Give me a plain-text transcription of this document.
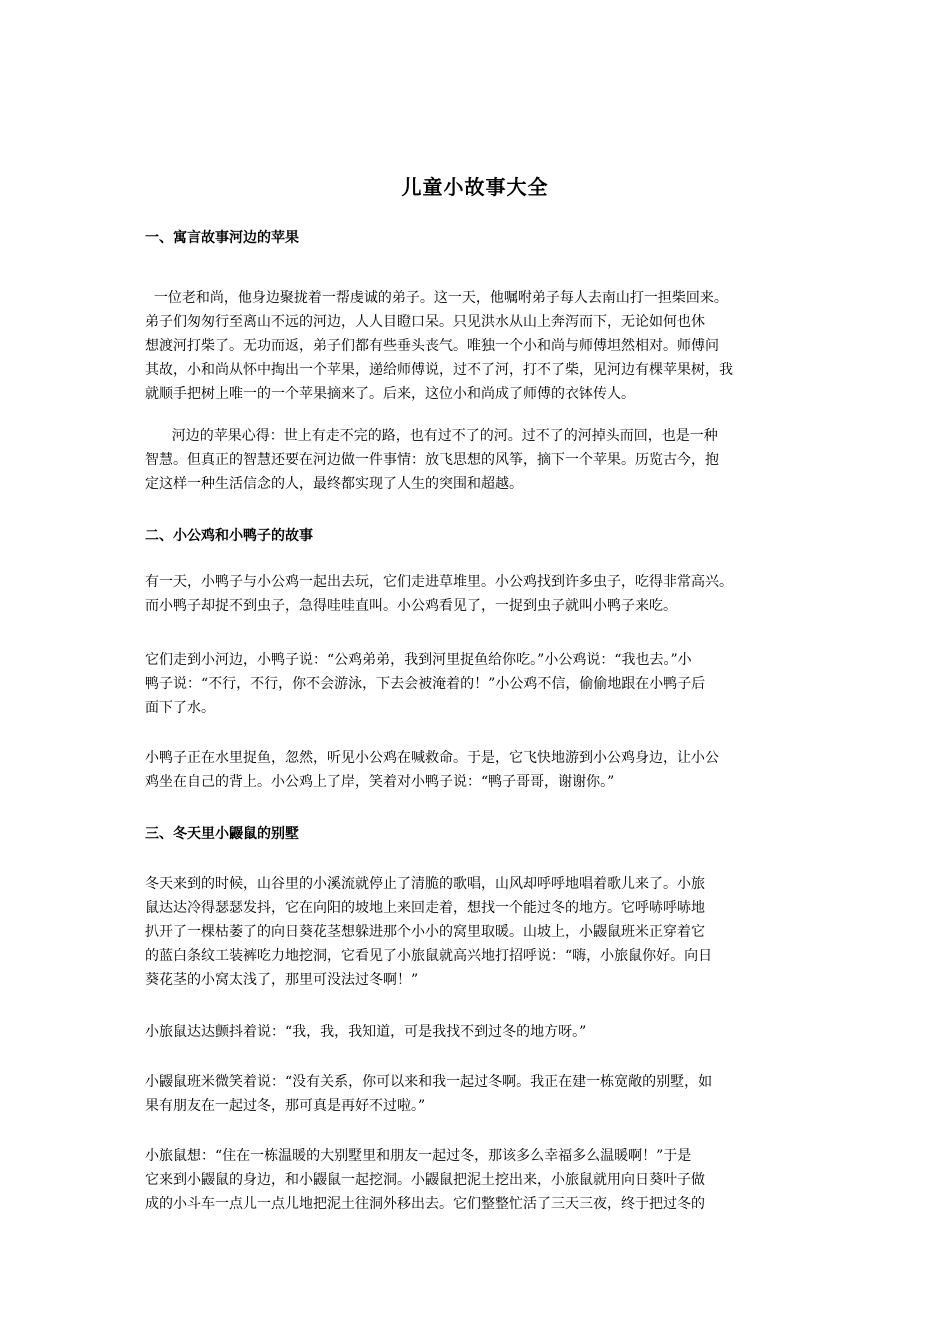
儿童小故事大全
一、寓言故事河边的苹果
一位老和尚，他身边聚拢着一帮虔诚的弟子。这一天，他嘱咐弟子每人去南山打一担柴回来。
弟子们匆匆行至离山不远的河边，人人目瞪口呆。只见洪水从山上奔泻而下，无论如何也休
想渡河打柴了。无功而返，弟子们都有些垂头丧气。唯独一个小和尚与师傅坦然相对。师傅问
其故，小和尚从怀中掏出一个苹果，递给师傅说，过不了河，打不了柴，见河边有棵苹果树，我
就顺手把树上唯一的一个苹果摘来了。后来，这位小和尚成了师傅的衣钵传人。
河边的苹果心得：世上有走不完的路，也有过不了的河。过不了的河掉头而回，也是一种
智慧。但真正的智慧还要在河边做一件事情：放飞思想的风筝，摘下一个苹果。历览古今，抱
定这样一种生活信念的人，最终都实现了人生的突围和超越。
二、小公鸡和小鸭子的故事
有一天，小鸭子与小公鸡一起出去玩，它们走进草堆里。小公鸡找到许多虫子，吃得非常高兴。
而小鸭子却捉不到虫子，急得哇哇直叫。小公鸡看见了，一捉到虫子就叫小鸭子来吃。
它们走到小河边，小鸭子说：“公鸡弟弟，我到河里捉鱼给你吃。”小公鸡说：“我也去。”小
鸭子说：“不行，不行，你不会游泳，下去会被淹着的！”小公鸡不信，偷偷地跟在小鸭子后
面下了水。
小鸭子正在水里捉鱼，忽然，听见小公鸡在喊救命。于是，它飞快地游到小公鸡身边，让小公
鸡坐在自己的背上。小公鸡上了岸，笑着对小鸭子说：“鸭子哥哥，谢谢你。”
三、冬天里小鼹鼠的别墅
冬天来到的时候，山谷里的小溪流就停止了清脆的歌唱，山风却呼呼地唱着歌儿来了。小旅
鼠达达冷得瑟瑟发抖，它在向阳的坡地上来回走着，想找一个能过冬的地方。它呼哧呼哧地
扒开了一棵枯萎了的向日葵花茎想躲进那个小小的窝里取暖。山坡上，小鼹鼠班米正穿着它
的蓝白条纹工装裤吃力地挖洞，它看见了小旅鼠就高兴地打招呼说：“嗨，小旅鼠你好。向日
葵花茎的小窝太浅了，那里可没法过冬啊！”
小旅鼠达达颤抖着说：“我，我，我知道，可是我找不到过冬的地方呀。”
小鼹鼠班米微笑着说：“没有关系，你可以来和我一起过冬啊。我正在建一栋宽敞的别墅，如
果有朋友在一起过冬，那可真是再好不过啦。”
小旅鼠想：“住在一栋温暖的大别墅里和朋友一起过冬，那该多么幸福多么温暖啊！”于是
它来到小鼹鼠的身边，和小鼹鼠一起挖洞。小鼹鼠把泥土挖出来，小旅鼠就用向日葵叶子做
成的小斗车一点儿一点儿地把泥土往洞外移出去。它们整整忙活了三天三夜，终于把过冬的
